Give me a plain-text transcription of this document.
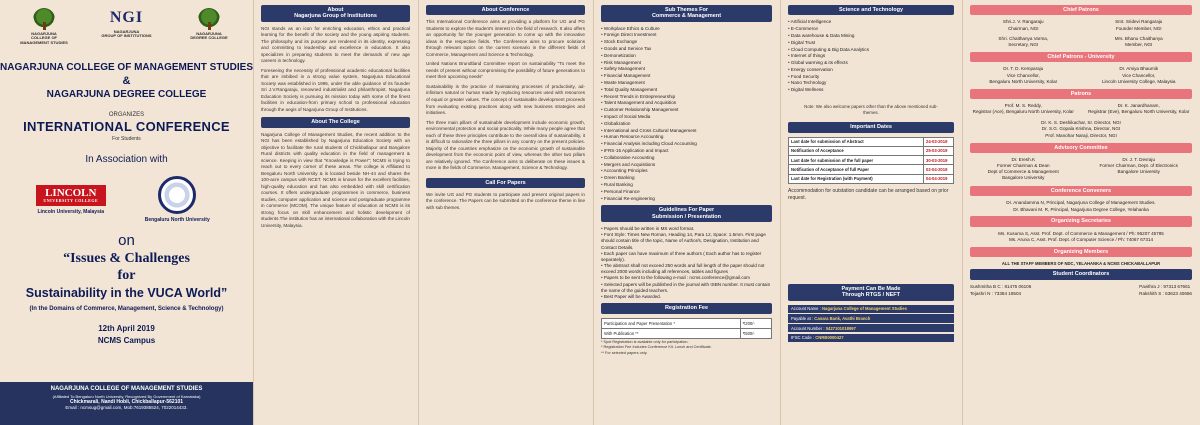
NAGARJUNA
COLLEGE OF MANAGEMENT STUDIES
NGI
NAGARJUNA
GROUP OF INSTITUTIONS	NAGARJUNA
DEGREE COLLEGE
NAGARJUNA COLLEGE OF MANAGEMENT STUDIES
&
NAGARJUNA DEGREE COLLEGE
ORGANIZES
INTERNATIONAL CONFERENCE
For Students
In Association with
LINCOLN
UNIVERSITY COLLEGE
Lincoln University, Malaysia
Bengaluru North University
on
“Issues & Challenges
for
Sustainability in the VUCA World”
(In the Domains of Commerce, Management, Science & Technology)
12th April 2019
NCMS Campus
NAGARJUNA COLLEGE OF MANAGEMENT STUDIES
(Affiliated To Bengaluru North University, Recognized By Government of Karnataka)
Chickmarali, Nandi Hobli, Chickballapur-562101
Email : ncmsug@gmail.com, Mob:7619385524, 7022014433.
About
Nagarjuna Group of Institutions

NGI stands as an icon for enriching education, ethics and practical learning for the benefit of the society and the young aspiring students. The philosophy and its purpose are rendered in its identity, expressing and committing to leadership and excellence in education. It also specializes in preparing students to meet the demands of new age careers in technology.

Foreseeing the necessity of professional academic educational facilities that are imbibed in a strong value system, Nagarjuna Educational Society was established in 1995, under the able guidance of its founder Sri J.V.Rangaraju, renowned industrialist and philanthropist. Nagarjuna Education Society is pursuing its mission today with some of the finest facilities in education-from primary school to professional education through the aegis of Nagarjuna Group of Institutions.

About The College

Nagarjuna College of Management Studies, the recent addition to the NGI has been established by Nagarjuna Education Society with an objective to facilitate the rural students of Chickballapur and Bangalore Rural districts with quality education in the field of management & science. Keeping in view that "Knowledge is Power"; NCMS is trying to reach out to every corner of these areas. The college is Affiliated to Bengaluru North University & is located beside NH-44 and shares the 100-acre campus with NCET. NCMS is known for the excellent facilities, high-quality education and has also embedded with skill certification courses. It offers undergraduate programmes in commerce, business studies, computer application and science and postgraduate programme in commerce (MCOM). The unique feature of education at NCMS is its strong focus on skill enhancement and holistic development of students.The institution has an international collaboration with the Lincoln University, Malaysia.

About Conference

This International Conference aims at providing a platform for UG and PG Students to explore the student's interest in the field of research. It also offers an opportunity for the younger generation to come up with the innovative ideas in the respective fields. The Conference aims to procure solutions through relevant topics on the current scenario in the different fields of Commerce, Management and Science & Technology.

United Nations Brundtland Committee report on sustainability "To meet the needs of present without compromising the possibility of future generations to meet their upcoming needs"

Sustainability is the practice of maintaining processes of productivity, ad-infinitum natural or human made by replacing resources used with resources of equal or greater values. The concept of sustainable development proceeds from evaluating existing practices along with new business strategies and initiatives.

The three main pillars of sustainable development include economic growth, environmental protection and social practicality. While many people agree that each of these three principles contribute to the overall idea of sustainability, it is difficult to rationalize the three pillars in any country on the present policies. Majority of the countries emphasize on the economic growth of sustainable development from the economic point of view, whereas the other two pillars are relatively ignored. The Conference aims to deliberate on these issues & more in the fields of Commerce, Management, Science & Technology.

Call For Papers

We invite UG and PG students to participate and present original papers in the conference. The Papers can be submitted on the conference theme in line with sub themes.

Sub Themes For
Commerce & Management
• Workplace Ethics & Culture
• Foreign Direct Investment
• Stock Exchange
• Goods and Service Tax
• Demonetization
• Risk Management
• Safety Management
• Financial Management
• Waste Management
• Total Quality Management
• Recent Trends in Entrepreneurship
• Talent Management and Acquisition
• Customer Relationship Management
• Impact of Social Media
• Globalization
• International and Cross Cultural Management
• Human Resource Accounting
• Financial Analysis including Cloud Accounting
• IFRS-15 Application and Impact
• Collaborative Accounting
• Mergers and Acquisitions
• Accounting Principles
• Green Banking
• Rural Banking
• Personal Finance
• Financial Re-engineering
Guidelines For Paper
Submission / Presentation
• Papers should be written in MS word format.
• Font Style: Times New Roman, Heading 14, Para 12, Space: 1.5mm. First page should contain title of the topic, Name of Author/s, Designation, Institution and Contact Details.
• Each paper can have maximum of three authors ( Each author has to register separately).
• The abstract shall not exceed 250 words and full length of the paper should not exceed 2000 words including all references, tables and figures
• Papers to be sent to the following e-mail : ncms.conference@gmail.com
• Selected papers will be published in the journal with ISBN number. It must contain the name of the guided teachers.
• Best Paper will be Awarded.
Registration Fee
Participation and Paper Presentation *	₹200/-
With Publication **	₹500/-
* Spot Registration is available only for participation.
* Registration Fee Includes Conference Kit, Lunch and Certificate.
** For selected papers only.
Science and Technology
• Artificial Intelligence
• E-Commerce
• Data warehouse & Data Mining
• Digital Trust
• Cloud Computing & Big Data Analytics
• Internet of things
• Global warming & its effects
• Energy conservation
• Food Security
• Nano Technology
• Digital Wellness
Note: We also welcome papers other than the above mentioned sub-themes.
Important Dates
Last date for submission of Abstract	24-03-2019
Notification of Acceptance	25-03-2019
Last date for submission of the full paper	30-03-2019
Notification of Acceptance of full Paper	02-04-2019
Last date for Registration (with Payment)	04-04-2019
Accommodation for outstation candidate can be arranged based on prior request.
Payment Can Be Made
Through RTGS / NEFT
Account Name : Nagarjuna College of Management Studies
Payable at : Canara Bank, Avathi Branch
Account Number : 0427101018997
IFSC Code : CNRB0000427
Chief Patrons
Shri.J. V. Rangaraju
Chairman, NGI
Smt. Sridevi Rangaraju
Founder Member, NGI
Shri. Chaithanya Varma,
Secretary, NGI
Mrs. Bhanu Chaithanya
Member, NGI
Chief Patrons - University
Dr. T. D. Kemparaju
Vice Chancellor,
Bengaluru North University, Kolar
Dr. Amiya Bhaumik
Vice Chancellor,
Lincoln University College, Malaysia
Patrons
Prof. M. S. Reddy,
Registrar (Ace), Bengaluru North University, Kolar
Dr. K. Janardhanam,
Registrar (Eve), Bengaluru North University, Kolar
Dr. K. S. Deshikachar, Sr. Director, NGI
Dr. S.G. Gopala Krishna, Director, NGI
Prof. Manohar Naraji, Director, NGI
Advisory Committee
Dr. Eresh.K
Former Chairman & Dean
Dept of Commerce & Management
Bangalore University
Dr. J. T. Devraju
Former Chairman, Dept. of Electronics
Bangalore University
Conference Conveners
Dr. Anandamma N, Principal, Nagarjuna College of Management Studies.
Dr. Bhavani M. R, Principal, Nagarjuna Degree College, Yelahanka
Organizing Secretaries
Ms. Kusuma S, Asst. Prof. Dept. of Commerce & Management / Ph: 96207 45785
Ms. Aruna C, Asst. Prof. Dept. of Computer Science / Ph: 74067 67314
Organizing Members
ALL THE STAFF MEMBERS OF NDC, YELAHANKA & NCMS CHICKABALLAPUR
Student Coordinators
Sushmitha B C : 81475 06106
Tejashri N : 73384 18504
Pavithra J : 97313 67661
Rakshith S : 63623 40656
